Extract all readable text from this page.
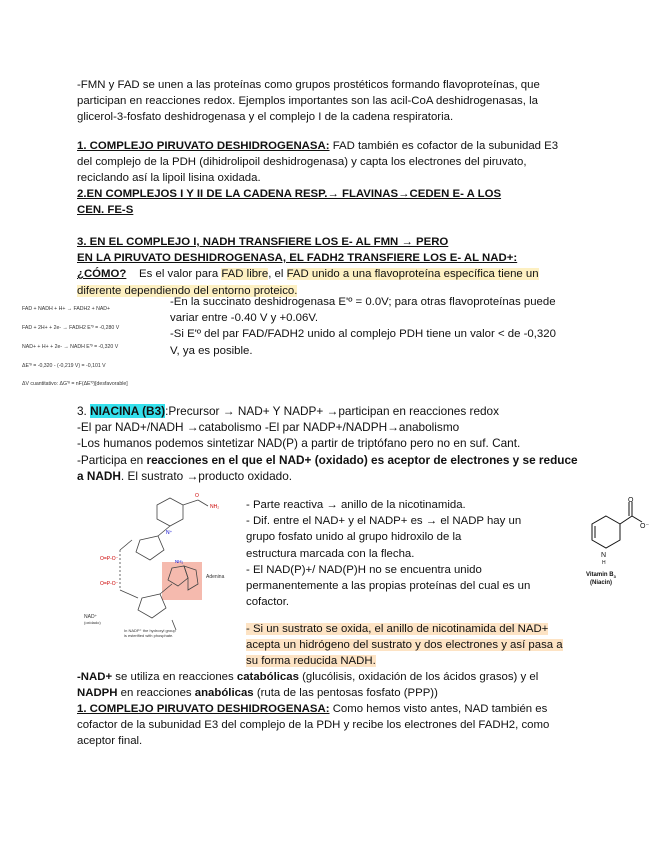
-FMN y FAD se unen a las proteínas como grupos prostéticos formando flavoproteínas, que
participan en reacciones redox. Ejemplos importantes son las acil-CoA deshidrogenasas, la
glicerol-3-fosfato deshidrogenasa y el complejo I de la cadena respiratoria.
1. COMPLEJO PIRUVATO DESHIDROGENASA: FAD también es cofactor de la subunidad E3
del complejo de la PDH (dihidrolipoil deshidrogenasa) y capta los electrones del piruvato,
reciclando así la lipoil lisina oxidada.
2.EN COMPLEJOS I Y II DE LA CADENA RESP.→ FLAVINAS→CEDEN E- A LOS
CEN. FE-S
3. EN EL COMPLEJO I, NADH TRANSFIERE LOS E- AL FMN → PERO
EN LA PIRUVATO DESHIDROGENASA, EL FADH2 TRANSFIERE LOS E- AL NAD+:
¿CÓMO? Es el valor para FAD libre, el FAD unido a una flavoproteína específica tiene un
diferente dependiendo del entorno proteico.
FAD + NADH + H+ → FADH2 + NAD+
FAD + 2H+ + 2e- → FADH2 E'º = -0,280 V
NAD+ + H+ + 2e- → NADH E'º = -0,320 V
ΔE'º = -0,320 - (-0,219 V) = -0,101 V
ΔV cuantitativo: ΔG'º = nF(ΔE'º)[desfavorable]
-En la succinato deshidrogenasa E'º = 0.0V; para otras flavoproteínas puede
variar entre -0.40 V y +0.06V.
-Si E'º del par FAD/FADH2 unido al complejo PDH tiene un valor < de -0,320
V, ya es posible.
3. NIACINA (B3):Precursor → NAD+ Y NADP+ →participan en reacciones redox
-El par NAD+/NADH →catabolismo -El par NADP+/NADPH→anabolismo
-Los humanos podemos sintetizar NAD(P) a partir de triptófano pero no en suf. Cant.
-Participa en reacciones en el que el NAD+ (oxidado) es aceptor de electrones y se reduce
a NADH. El sustrato →producto oxidado.
NH₂
O
N⁺
O=P-O⁻
O=P-O⁻
NH₂
Adenina
NAD⁺
(oxidado)
In NADP⁺ the hydroxyl group
is esterified with phosphate.
- Parte reactiva → anillo de la nicotinamida.
- Dif. entre el NAD+ y el NADP+ es → el NADP hay un
grupo fosfato unido al grupo hidroxilo de la
estructura marcada con la flecha.
- El NAD(P)+/ NAD(P)H no se encuentra unido
permanentemente a las propias proteínas del cual es un
cofactor.
O
O⁻
N
H
Vitamin $B_3$
(Niacin)
- Si un sustrato se oxida, el anillo de nicotinamida del NAD+
acepta un hidrógeno del sustrato y dos electrones y así pasa a
su forma reducida NADH.
-NAD+ se utiliza en reacciones catabólicas (glucólisis, oxidación de los ácidos grasos) y el
NADPH en reacciones anabólicas (ruta de las pentosas fosfato (PPP))
1. COMPLEJO PIRUVATO DESHIDROGENASA: Como hemos visto antes, NAD también es
cofactor de la subunidad E3 del complejo de la PDH y recibe los electrones del FADH2, como
aceptor final.
